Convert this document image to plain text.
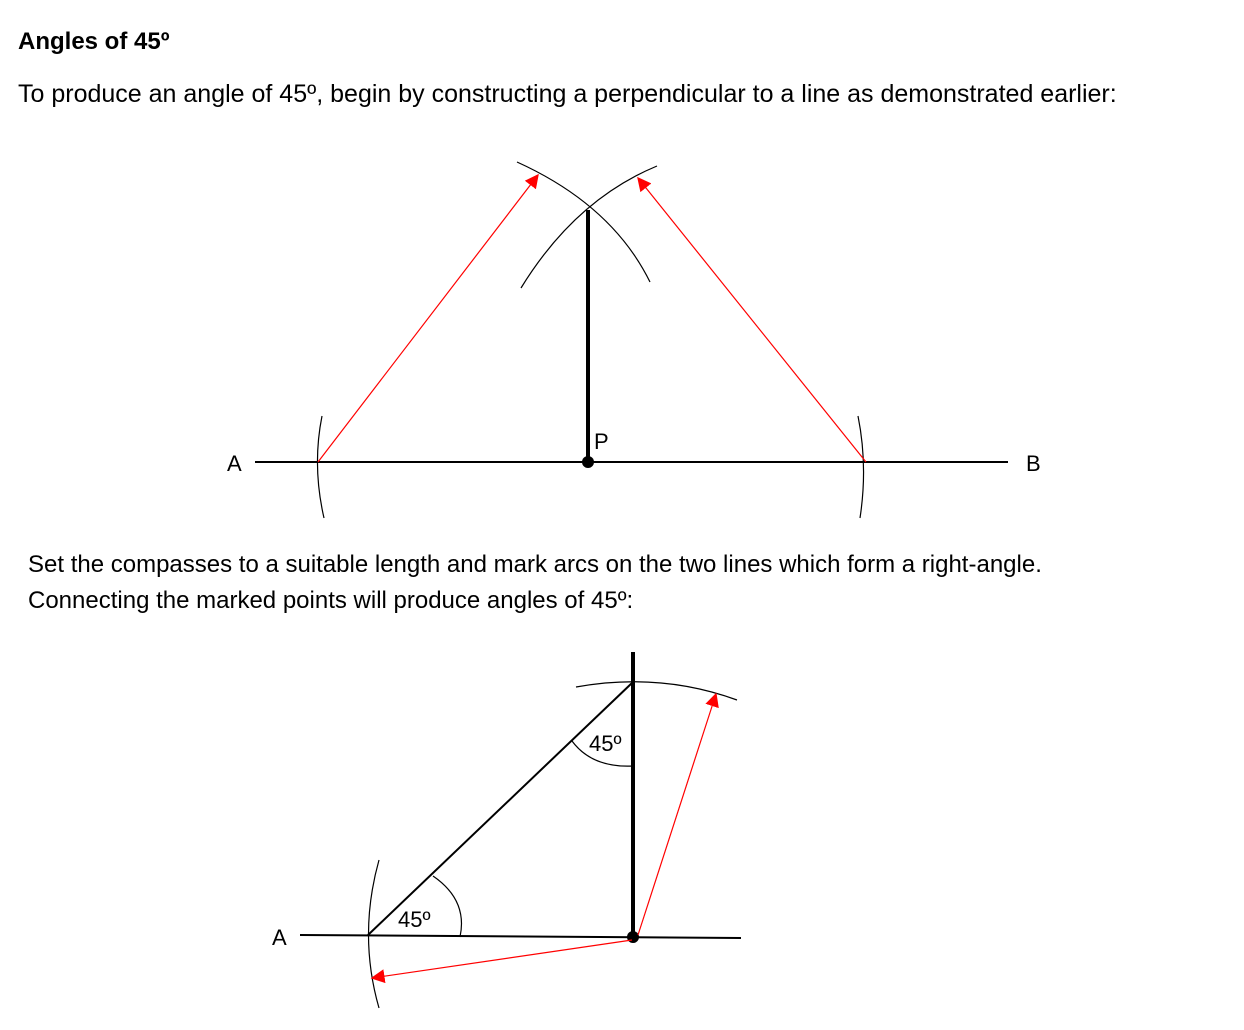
Angles of 45º

To produce an angle of 45º, begin by constructing a perpendicular to a line as demonstrated earlier:

A	B
P

Set the compasses to a suitable length and mark arcs on the two lines which form a right-angle.
Connecting the marked points will produce angles of 45º:

A
45º
45º
